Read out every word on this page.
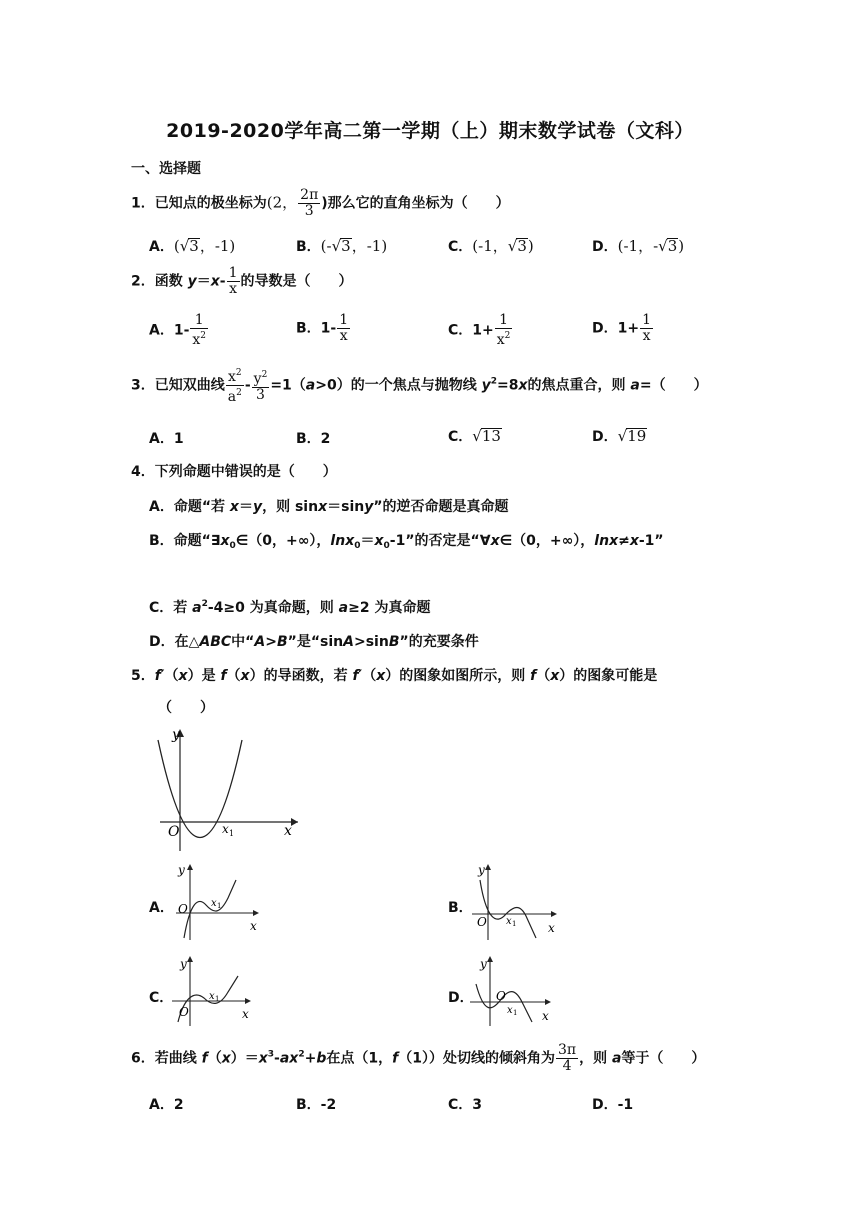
2019-2020学年高二第一学期（上）期末数学试卷（文科）
一、选择题
1．已知点的极坐标为(2， $\frac{2\pi}{3}$ )那么它的直角坐标为（　　）
A．(√3，-1)	B．(-√3，-1)	C．(-1，√3)	D．(-1，-√3)
2．函数 $y=x- \frac{1}{x}$ 的导数是（　　）
A．$1- \frac{1}{x^2}$	B．$1- \frac{1}{x}$	C．$1+ \frac{1}{x^2}$	D．$1+ \frac{1}{x}$
3．已知双曲线 $\frac{x^2}{a^2} - \frac{y^2}{3} =1(a>0)$的一个焦点与抛物线 $y^2=8x$的焦点重合，则 a=（　　）
A．1	B．2	C．√13	D．√19
4．下列命题中错误的是（　　）
A．命题“若 x＝y，则 sinx＝siny”的逆否命题是真命题
B．命题“$\exists x_0\in(0$，+∞），$\ln x_0=x_0-1$”的否定是“∀x∈（0，+∞），lnx≠x-1”
C．若 $a^2-4\ge 0$ 为真命题，则 a≥2 为真命题
D．在△ABC中“A>B”是“sinA>sinB”的充要条件
5．f′（x）是 f（x）的导函数，若 f′（x）的图象如图所示，则 f（x）的图象可能是
（　　）
y
x
O	x 1
A．
y
x
O x 1	B．
y
x
O x 1
C．
y
x
O
x 1	D．
y
x
O
x 1
6．若曲线 $f(x)=x^3-ax^2+b$在点（1，f（1））处切线的倾斜角为 $\frac{3\pi}{4}$ ，则 a等于（　　）
A．2	B．-2	C．3	D．-1
